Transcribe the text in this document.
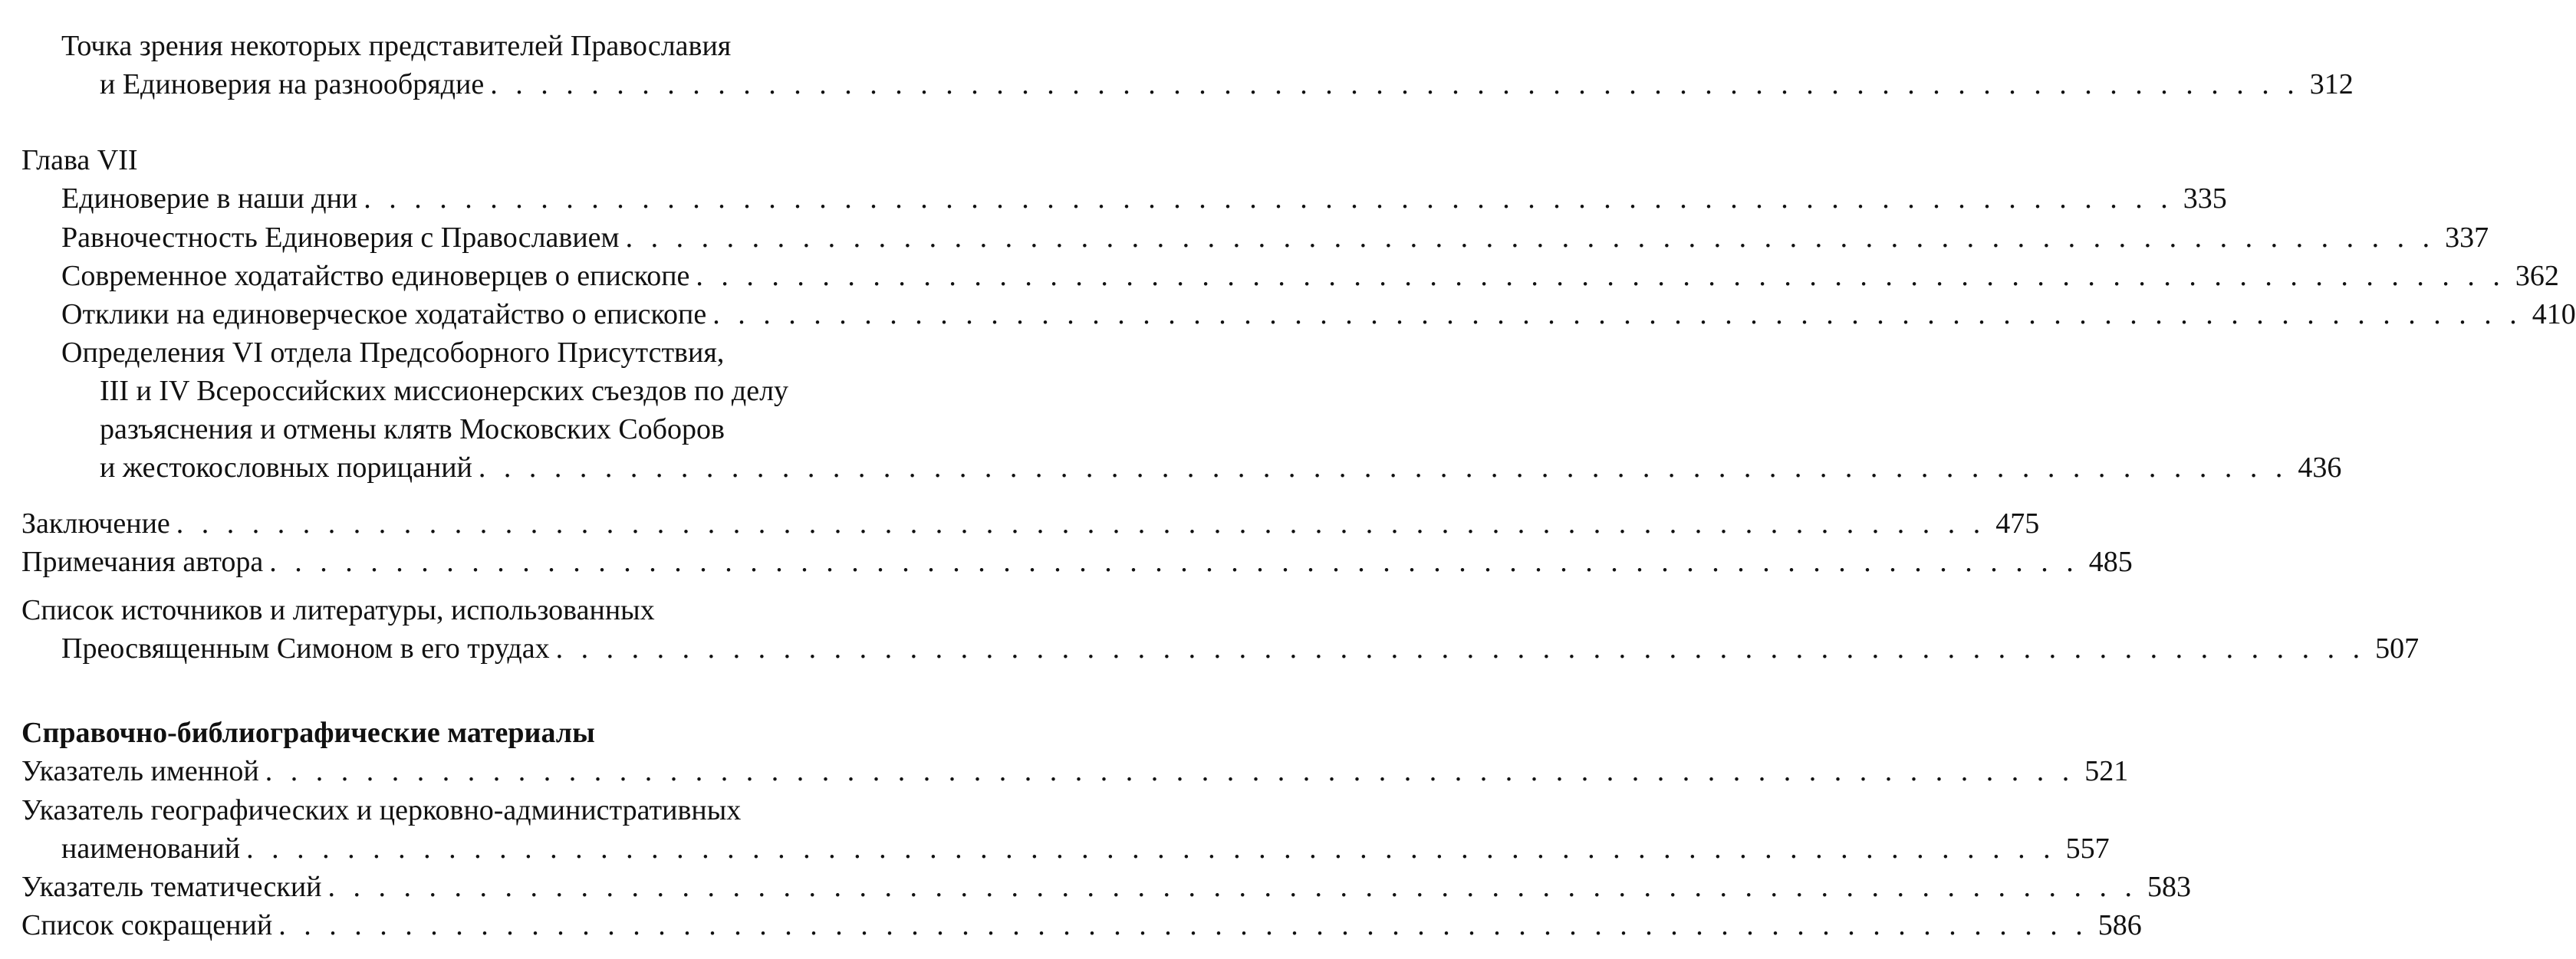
Точка зрения некоторых представителей Православия
и Единоверия на разнообрядие . . . . . . . . . . . . . . . . . . . . . . . . . . . . . . . . . . . . . . . . . . . . . . . . . . . . . . . . . . . . . . . . . . . . . . . . 312
Глава VII
Единоверие в наши дни . . . . . . . . . . . . . . . . . . . . . . . . . . . . . . . . . . . . . . . . . . . . . . . . . . . . . . . . . . . . . . . . . . . . . . . . 335
Равночестность Единоверия с Православием . . . . . . . . . . . . . . . . . . . . . . . . . . . . . . . . . . . . . . . . . . . . . . . . . . . . . . . . . . . . . . . . . . . . . . . . 337
Современное ходатайство единоверцев о епископе . . . . . . . . . . . . . . . . . . . . . . . . . . . . . . . . . . . . . . . . . . . . . . . . . . . . . . . . . . . . . . . . . . . . . . . . 362
Отклики на единоверческое ходатайство о епископе . . . . . . . . . . . . . . . . . . . . . . . . . . . . . . . . . . . . . . . . . . . . . . . . . . . . . . . . . . . . . . . . . . . . . . . . 410
Определения VI отдела Предсоборного Присутствия,
III и IV Всероссийских миссионерских съездов по делу
разъяснения и отмены клятв Московских Соборов
и жестокословных порицаний . . . . . . . . . . . . . . . . . . . . . . . . . . . . . . . . . . . . . . . . . . . . . . . . . . . . . . . . . . . . . . . . . . . . . . . . 436
Заключение . . . . . . . . . . . . . . . . . . . . . . . . . . . . . . . . . . . . . . . . . . . . . . . . . . . . . . . . . . . . . . . . . . . . . . . . 475
Примечания автора . . . . . . . . . . . . . . . . . . . . . . . . . . . . . . . . . . . . . . . . . . . . . . . . . . . . . . . . . . . . . . . . . . . . . . . . 485
Список источников и литературы, использованных
Преосвященным Симоном в его трудах . . . . . . . . . . . . . . . . . . . . . . . . . . . . . . . . . . . . . . . . . . . . . . . . . . . . . . . . . . . . . . . . . . . . . . . . 507
Справочно-библиографические материалы
Указатель именной . . . . . . . . . . . . . . . . . . . . . . . . . . . . . . . . . . . . . . . . . . . . . . . . . . . . . . . . . . . . . . . . . . . . . . . . 521
Указатель географических и церковно-административных
наименований . . . . . . . . . . . . . . . . . . . . . . . . . . . . . . . . . . . . . . . . . . . . . . . . . . . . . . . . . . . . . . . . . . . . . . . . 557
Указатель тематический . . . . . . . . . . . . . . . . . . . . . . . . . . . . . . . . . . . . . . . . . . . . . . . . . . . . . . . . . . . . . . . . . . . . . . . . 583
Список сокращений . . . . . . . . . . . . . . . . . . . . . . . . . . . . . . . . . . . . . . . . . . . . . . . . . . . . . . . . . . . . . . . . . . . . . . . . 586
